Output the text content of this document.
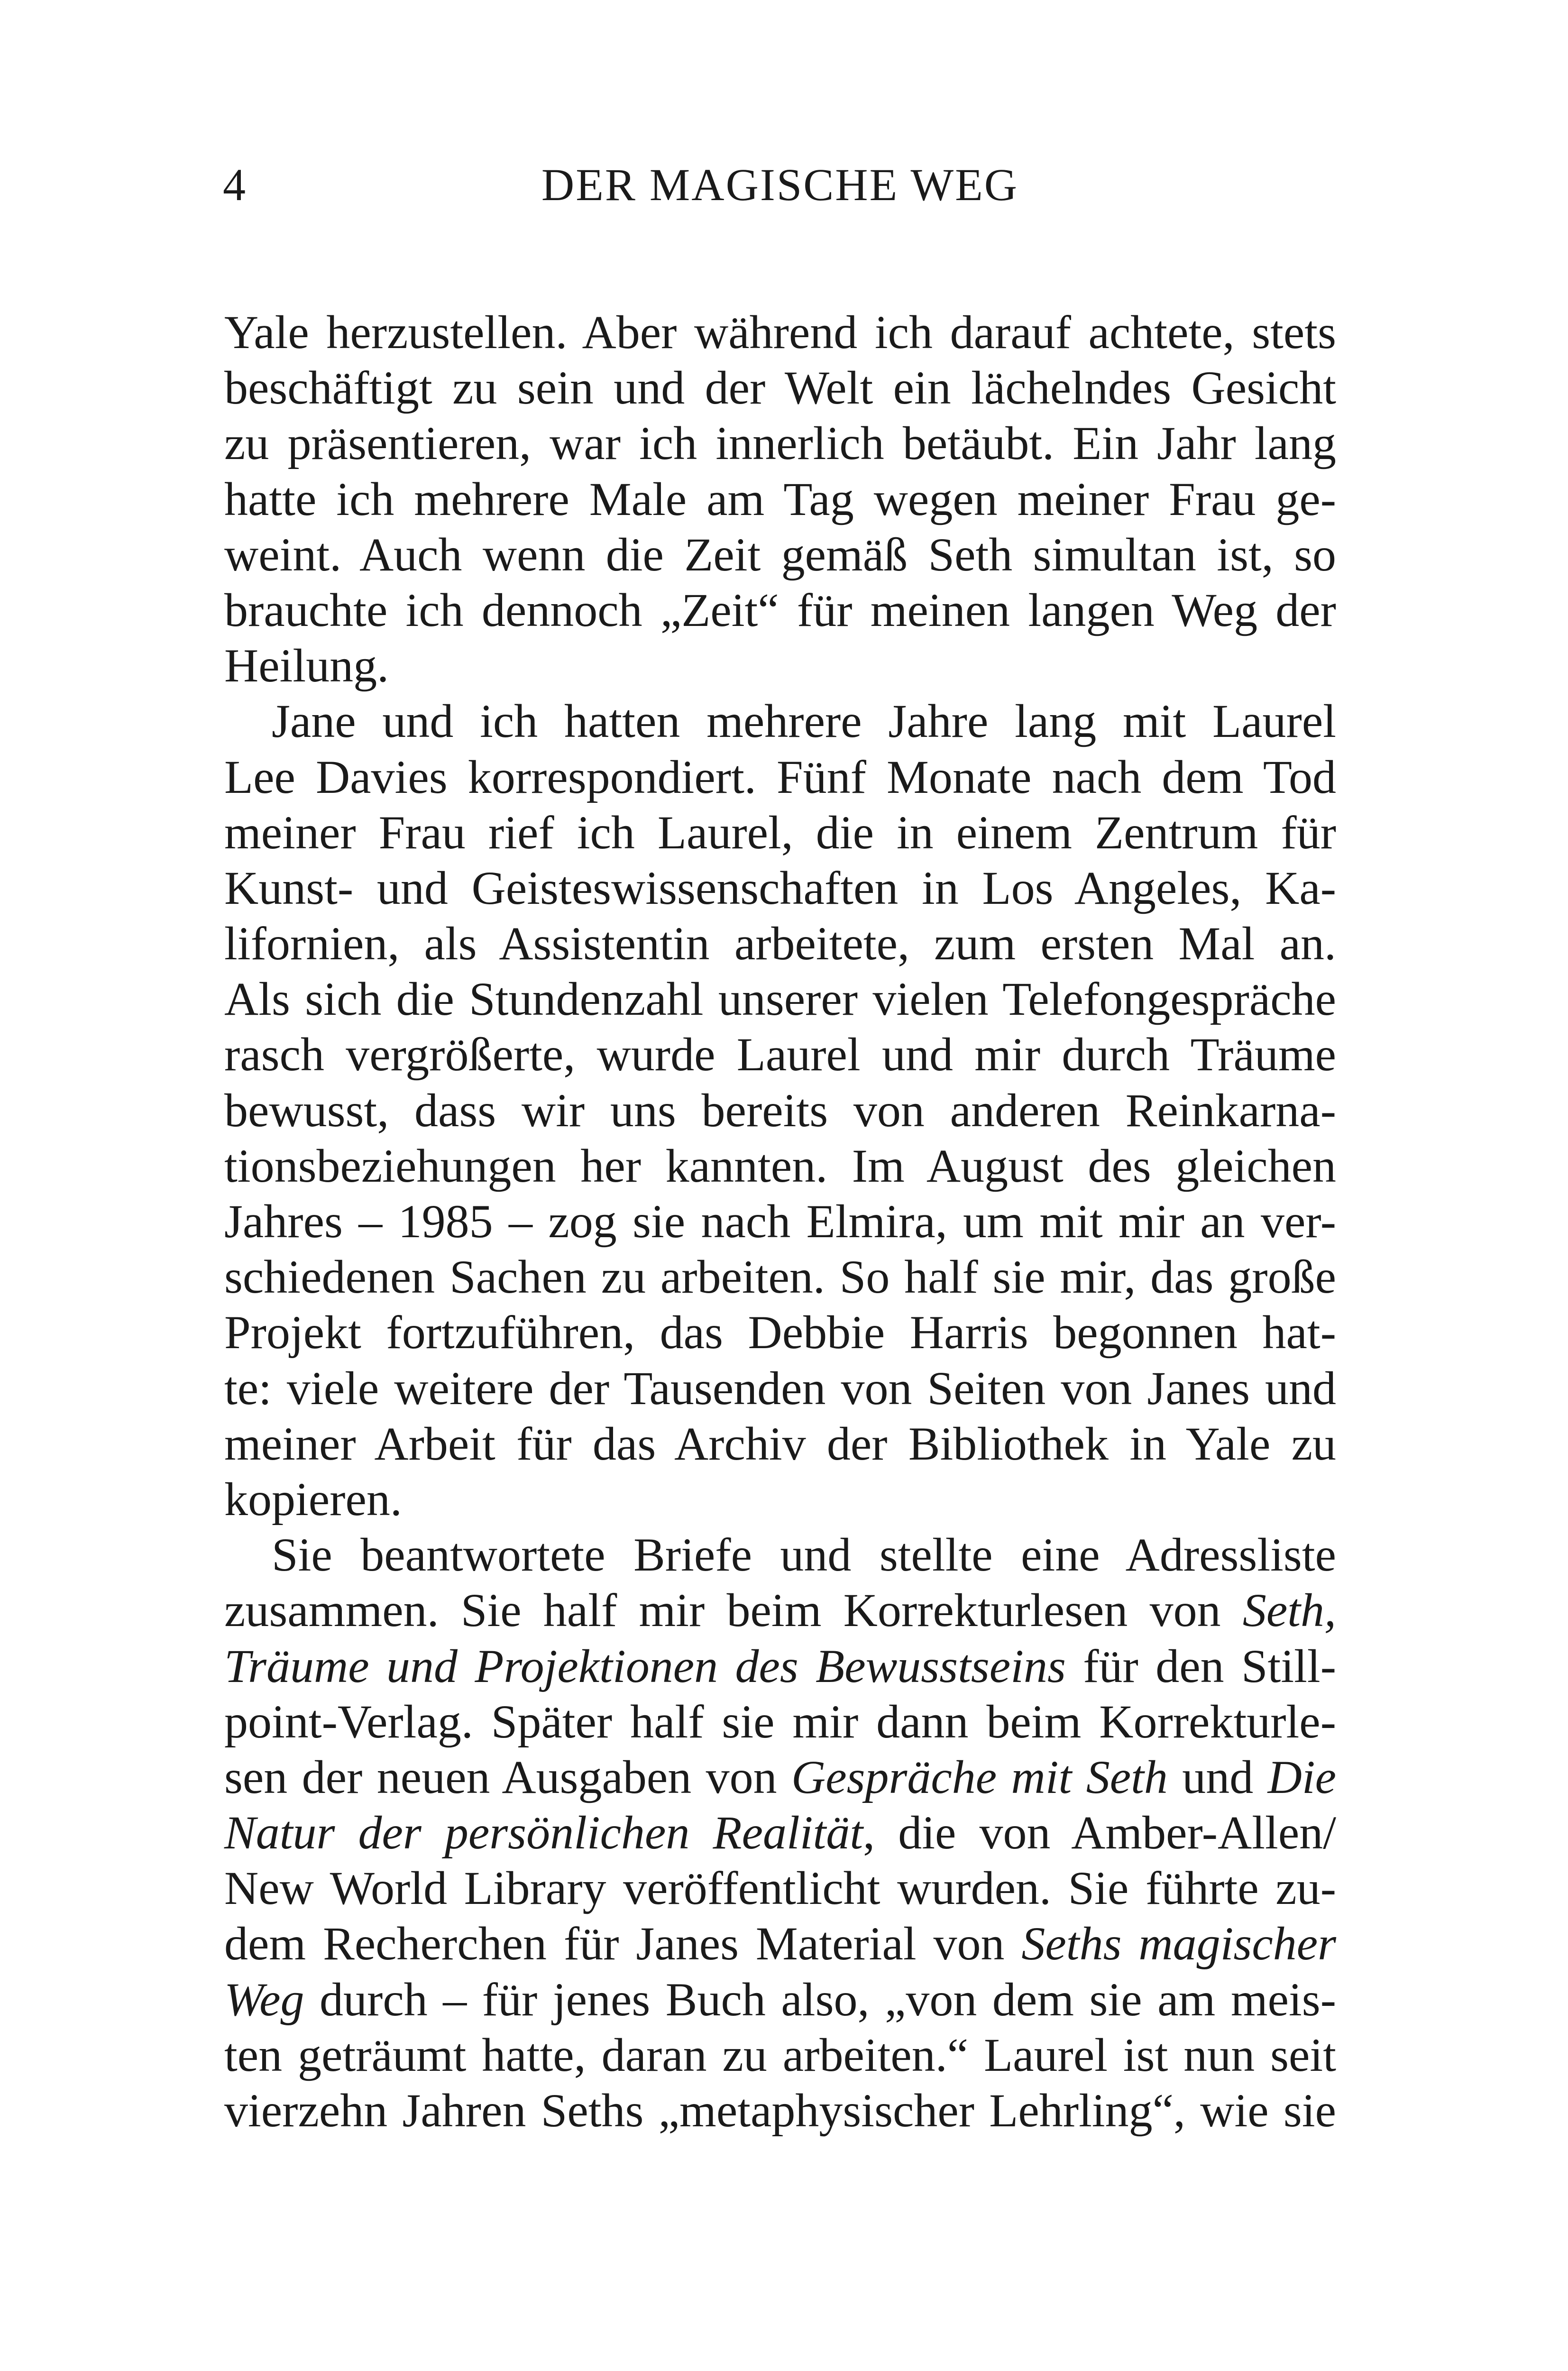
4	DER MAGISCHE WEG
Yale herzustellen. Aber während ich darauf achtete, stets
beschäftigt zu sein und der Welt ein lächelndes Gesicht
zu präsentieren, war ich innerlich betäubt. Ein Jahr lang
hatte ich mehrere Male am Tag wegen meiner Frau ge-
weint. Auch wenn die Zeit gemäß Seth simultan ist, so
brauchte ich dennoch „Zeit“ für meinen langen Weg der
Heilung.
Jane und ich hatten mehrere Jahre lang mit Laurel
Lee Davies korrespondiert. Fünf Monate nach dem Tod
meiner Frau rief ich Laurel, die in einem Zentrum für
Kunst- und Geisteswissenschaften in Los Angeles, Ka-
lifornien, als Assistentin arbeitete, zum ersten Mal an.
Als sich die Stundenzahl unserer vielen Telefongespräche
rasch vergrößerte, wurde Laurel und mir durch Träume
bewusst, dass wir uns bereits von anderen Reinkarna-
tionsbeziehungen her kannten. Im August des gleichen
Jahres – 1985 – zog sie nach Elmira, um mit mir an ver-
schiedenen Sachen zu arbeiten. So half sie mir, das große
Projekt fortzuführen, das Debbie Harris begonnen hat-
te: viele weitere der Tausenden von Seiten von Janes und
meiner Arbeit für das Archiv der Bibliothek in Yale zu
kopieren.
Sie beantwortete Briefe und stellte eine Adressliste
zusammen. Sie half mir beim Korrekturlesen von Seth,
Träume und Projektionen des Bewusstseins für den Still-
point-Verlag. Später half sie mir dann beim Korrekturle-
sen der neuen Ausgaben von Gespräche mit Seth und Die
Natur der persönlichen Realität, die von Amber-Allen/
New World Library veröffentlicht wurden. Sie führte zu-
dem Recherchen für Janes Material von Seths magischer
Weg durch – für jenes Buch also, „von dem sie am meis-
ten geträumt hatte, daran zu arbeiten.“ Laurel ist nun seit
vierzehn Jahren Seths „metaphysischer Lehrling“, wie sie
